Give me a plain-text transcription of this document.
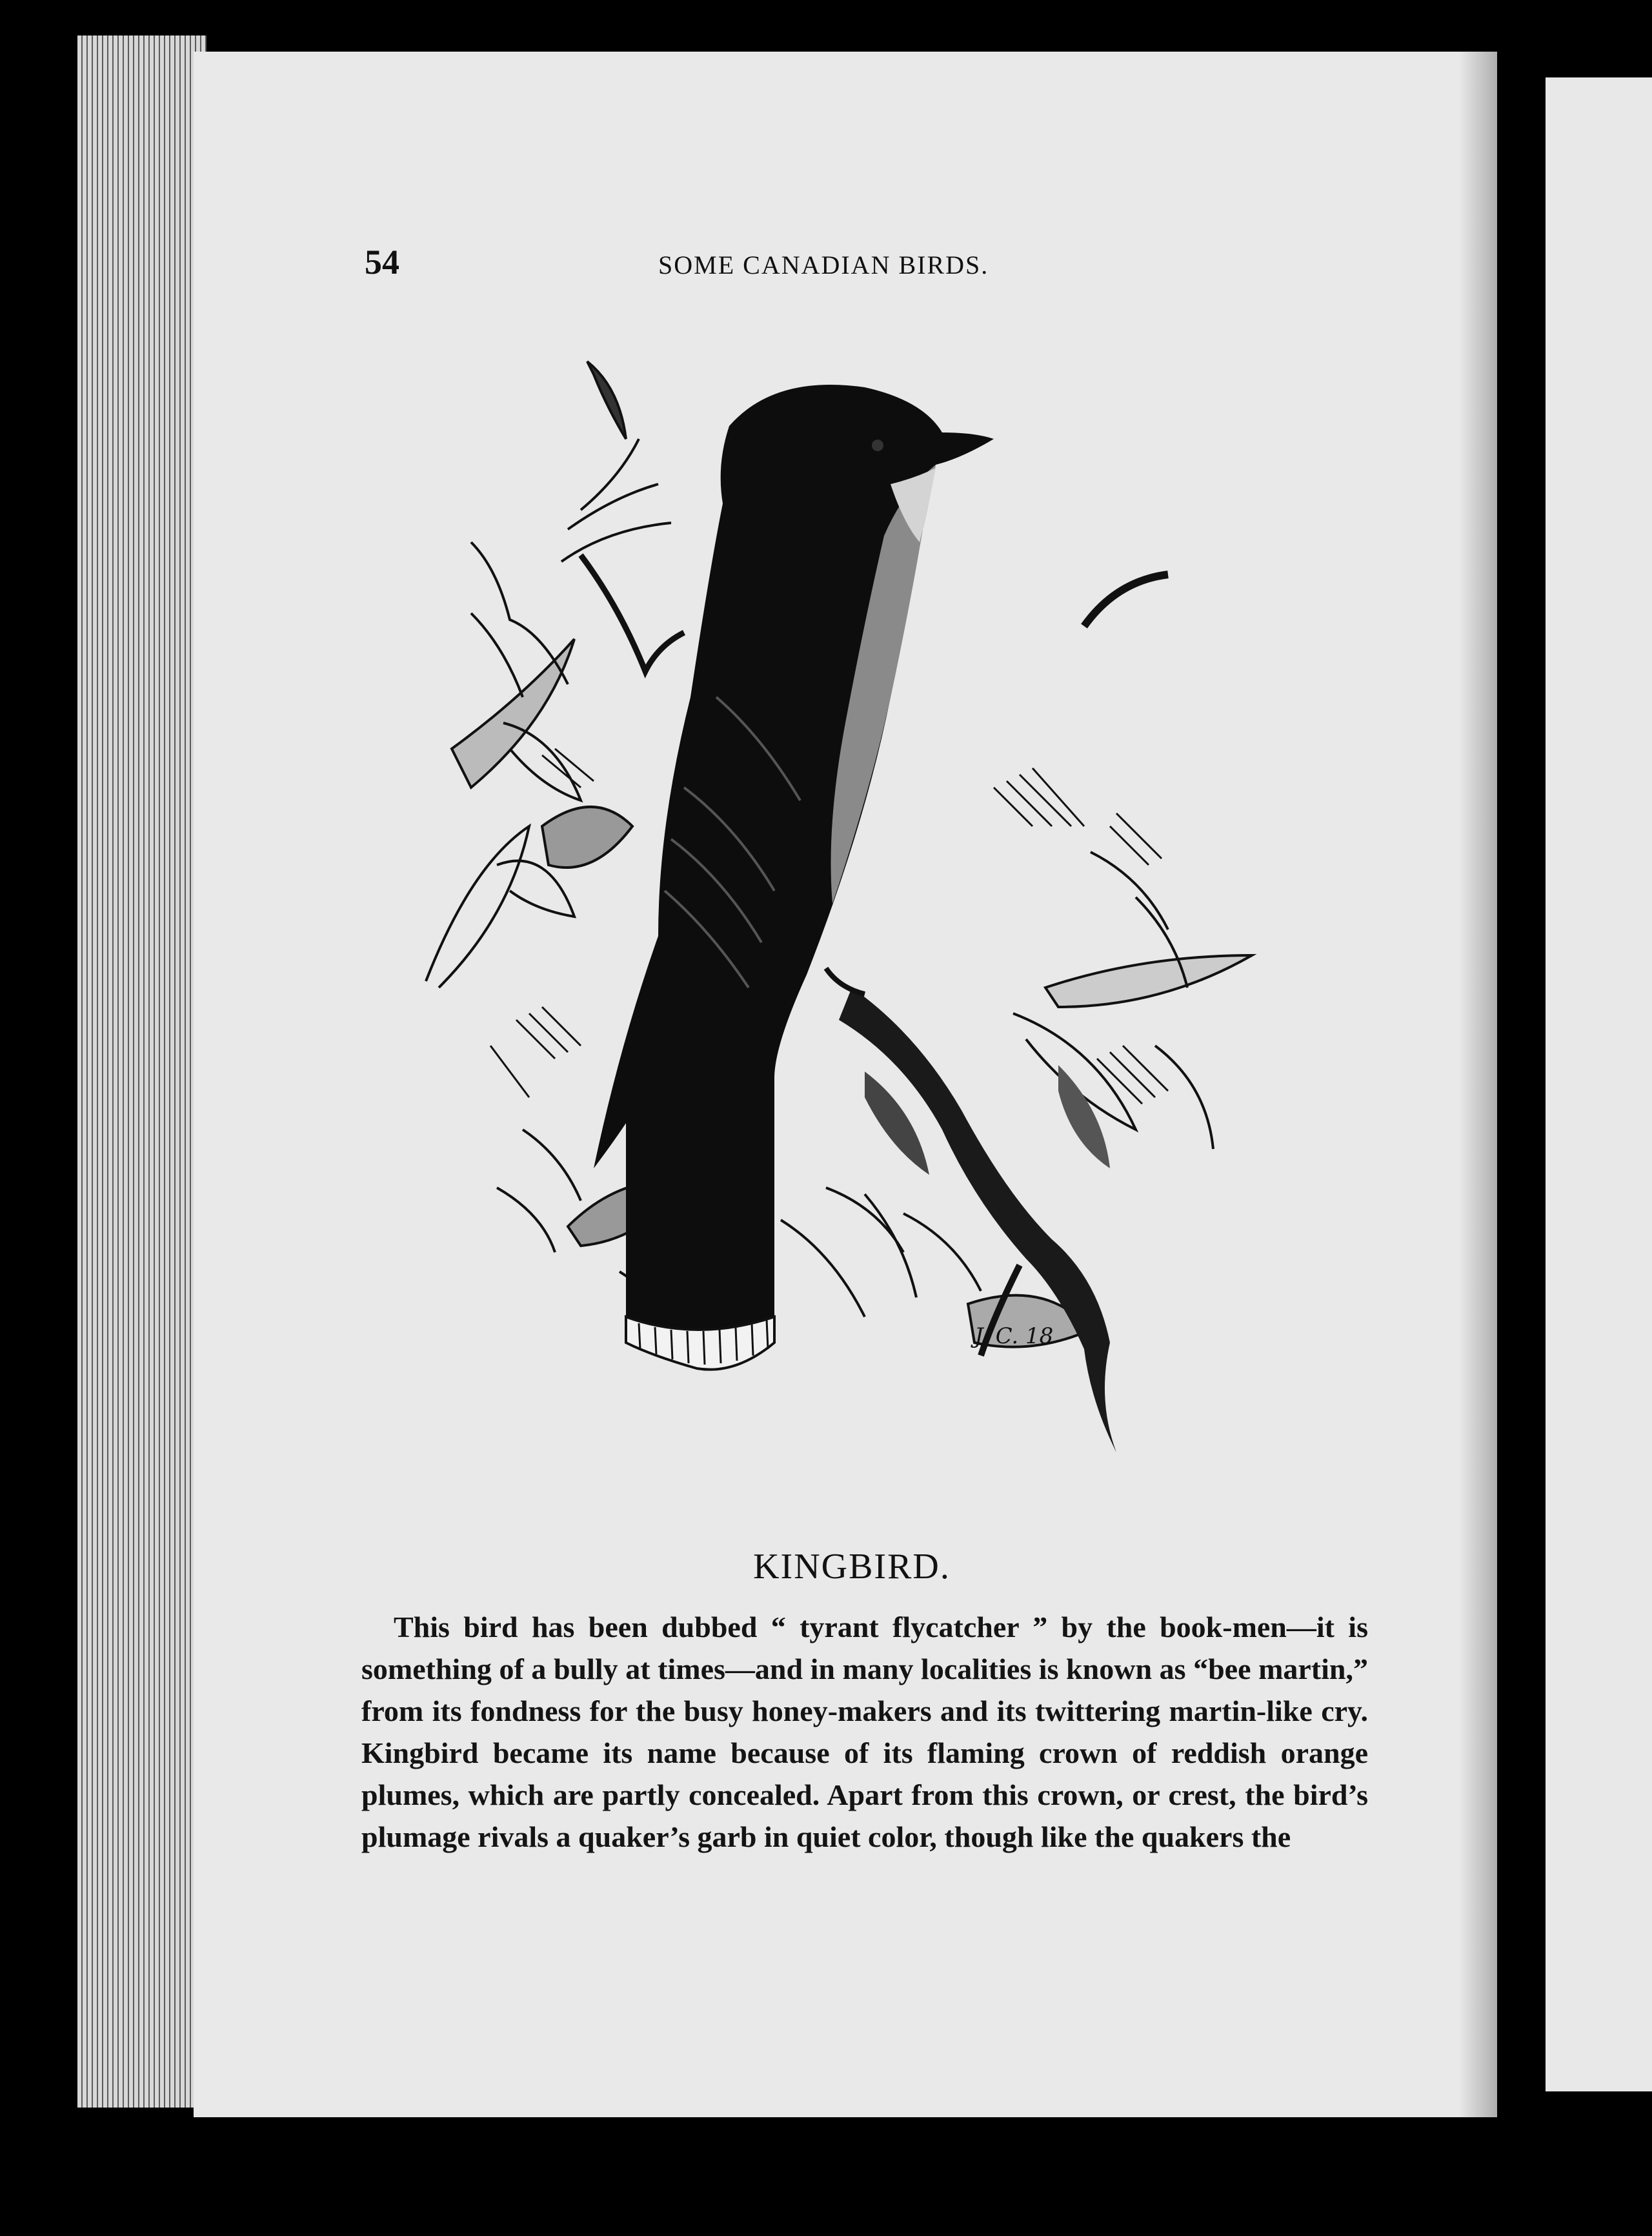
54	SOME CANADIAN BIRDS.
J. C. 18
KINGBIRD.

This bird has been dubbed “ tyrant flycatcher ” by the book-men—it is something of a bully at times—and in many localities is known as “bee martin,” from its fondness for the busy honey-makers and its twittering martin-like cry. Kingbird became its name because of its flaming crown of reddish orange plumes, which are partly concealed. Apart from this crown, or crest, the bird’s plumage rivals a quaker’s garb in quiet color, though like the quakers the
